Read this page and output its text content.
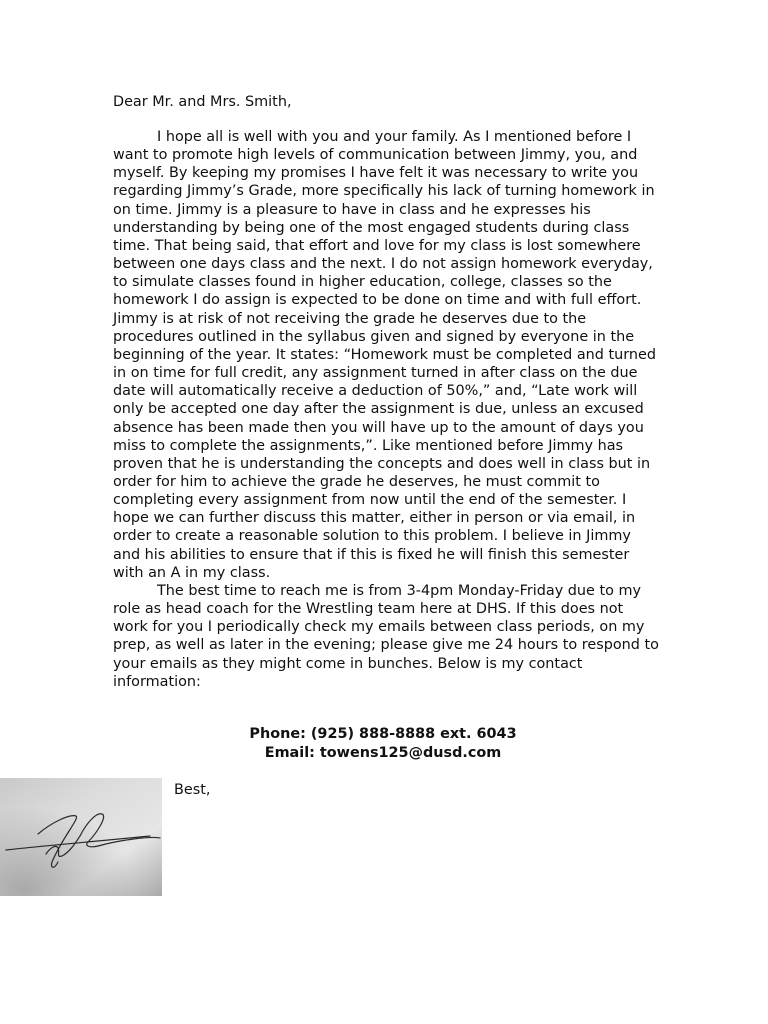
Dear Mr. and Mrs. Smith,

I hope all is well with you and your family. As I mentioned before I want to promote high levels of communication between Jimmy, you, and myself. By keeping my promises I have felt it was necessary to write you regarding Jimmy’s Grade, more specifically his lack of turning homework in on time. Jimmy is a pleasure to have in class and he expresses his understanding by being one of the most engaged students during class time. That being said, that effort and love for my class is lost somewhere between one days class and the next. I do not assign homework everyday, to simulate classes found in higher education, college, classes so the homework I do assign is expected to be done on time and with full effort. Jimmy is at risk of not receiving the grade he deserves due to the procedures outlined in the syllabus given and signed by everyone in the beginning of the year. It states: “Homework must be completed and turned in on time for full credit, any assignment turned in after class on the due date will automatically receive a deduction of 50%,” and, “Late work will only be accepted one day after the assignment is due, unless an excused absence has been made then you will have up to the amount of days you miss to complete the assignments,”. Like mentioned before Jimmy has proven that he is understanding the concepts and does well in class but in order for him to achieve the grade he deserves, he must commit to completing every assignment from now until the end of the semester. I hope we can further discuss this matter, either in person or via email, in order to create a reasonable solution to this problem. I believe in Jimmy and his abilities to ensure that if this is fixed he will finish this semester with an A in my class.

The best time to reach me is from 3-4pm Monday-Friday due to my role as head coach for the Wrestling team here at DHS. If this does not work for you I periodically check my emails between class periods, on my prep, as well as later in the evening; please give me 24 hours to respond to your emails as they might come in bunches. Below is my contact information:

Phone: (925) 888-8888 ext. 6043
Email: towens125@dusd.com

Best,
